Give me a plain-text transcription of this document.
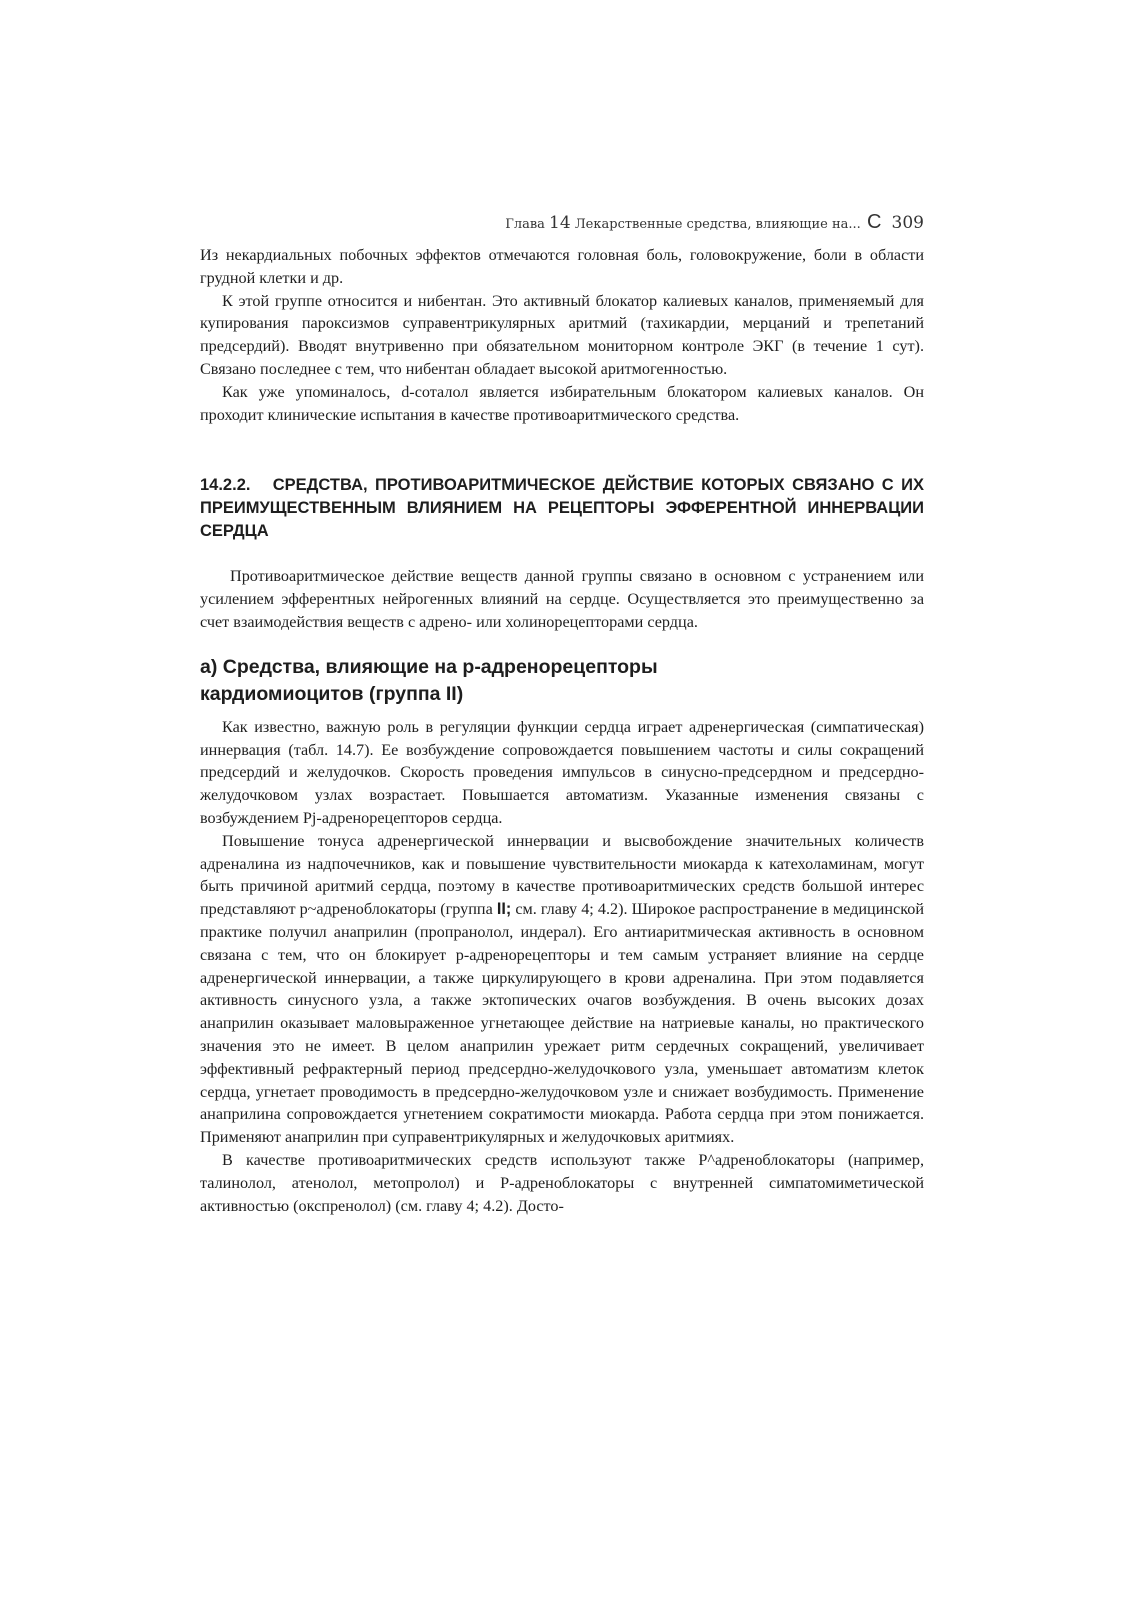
Глава 14 Лекарственные средства, влияющие на... С 309

Из некардиальных побочных эффектов отмечаются головная боль, головокружение, боли в области грудной клетки и др.

К этой группе относится и нибентан. Это активный блокатор калиевых каналов, применяемый для купирования пароксизмов суправентрикулярных аритмий (тахикардии, мерцаний и трепетаний предсердий). Вводят внутривенно при обязательном мониторном контроле ЭКГ (в течение 1 сут). Связано последнее с тем, что нибентан обладает высокой аритмогенностью.

Как уже упоминалось, d-соталол является избирательным блокатором калиевых каналов. Он проходит клинические испытания в качестве противоаритмического средства.

14.2.2. СРЕДСТВА, ПРОТИВОАРИТМИЧЕСКОЕ ДЕЙСТВИЕ КОТОРЫХ СВЯЗАНО С ИХ ПРЕИМУЩЕСТВЕННЫМ ВЛИЯНИЕМ НА РЕЦЕПТОРЫ ЭФФЕРЕНТНОЙ ИННЕРВАЦИИ СЕРДЦА

Противоаритмическое действие веществ данной группы связано в основном с устранением или усилением эфферентных нейрогенных влияний на сердце. Осуществляется это преимущественно за счет взаимодействия веществ с адрено- или холинорецепторами сердца.

а) Средства, влияющие на р-адренорецепторы
кардиомиоцитов (группа II)

Как известно, важную роль в регуляции функции сердца играет адренергическая (симпатическая) иннервация (табл. 14.7). Ее возбуждение сопровождается повышением частоты и силы сокращений предсердий и желудочков. Скорость проведения импульсов в синусно-предсердном и предсердно-желудочковом узлах возрастает. Повышается автоматизм. Указанные изменения связаны с возбуждением Pj-адренорецепторов сердца.

Повышение тонуса адренергической иннервации и высвобождение значительных количеств адреналина из надпочечников, как и повышение чувствительности миокарда к катехоламинам, могут быть причиной аритмий сердца, поэтому в качестве противоаритмических средств большой интерес представляют р~адреноблокаторы (группа II; см. главу 4; 4.2). Широкое распространение в медицинской практике получил анаприлин (пропранолол, индерал). Его антиаритмическая активность в основном связана с тем, что он блокирует р-адренорецепторы и тем самым устраняет влияние на сердце адренергической иннервации, а также циркулирующего в крови адреналина. При этом подавляется активность синусного узла, а также эктопических очагов возбуждения. В очень высоких дозах анаприлин оказывает маловыраженное угнетающее действие на натриевые каналы, но практического значения это не имеет. В целом анаприлин урежает ритм сердечных сокращений, увеличивает эффективный рефрактерный период предсердно-желудочкового узла, уменьшает автоматизм клеток сердца, угнетает проводимость в предсердно-желудочковом узле и снижает возбудимость. Применение анаприлина сопровождается угнетением сократимости миокарда. Работа сердца при этом понижается. Применяют анаприлин при суправентрикулярных и желудочковых аритмиях.

В качестве противоаритмических средств используют также Р^адреноблокаторы (например, талинолол, атенолол, метопролол) и Р-адреноблокаторы с внутренней симпатомиметической активностью (окспренолол) (см. главу 4; 4.2). Досто-
